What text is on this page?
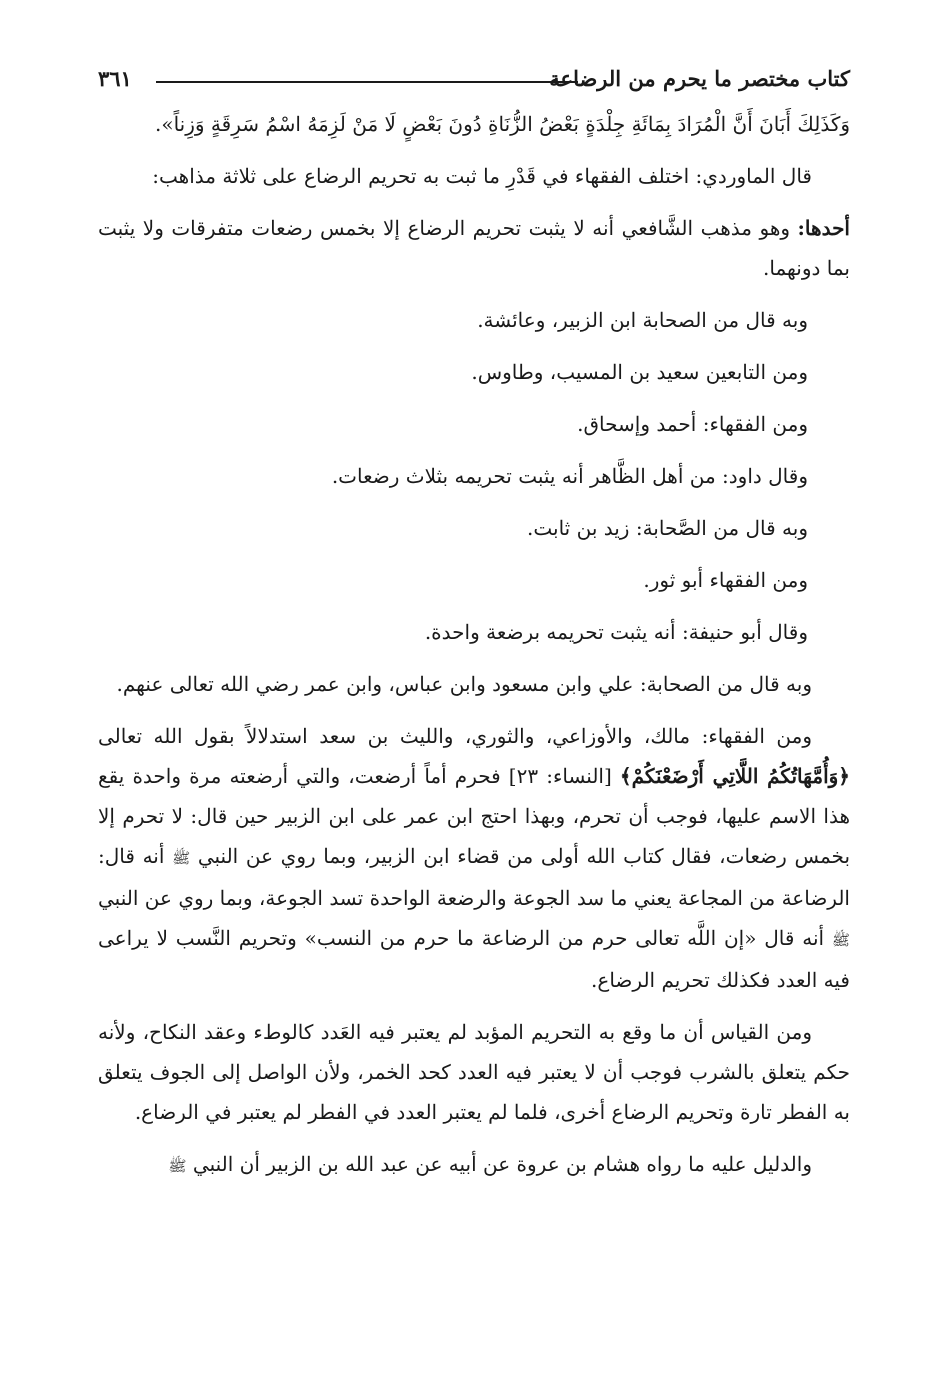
كتاب مختصر ما يحرم من الرضاعة
٣٦١

وَكَذَلِكَ أَبَانَ أَنَّ الْمُرَادَ بِمَائَةِ جِلْدَةٍ بَعْضُ الزُّنَاةِ دُونَ بَعْضٍ لَا مَنْ لَزِمَهُ اسْمُ سَرِقَةٍ وَزِناً».

قال الماوردي: اختلف الفقهاء في قَدْرِ ما ثبت به تحريم الرضاع على ثلاثة مذاهب:

أحدها: وهو مذهب الشَّافعي أنه لا يثبت تحريم الرضاع إلا بخمس رضعات متفرقات ولا يثبت بما دونهما.

وبه قال من الصحابة ابن الزبير، وعائشة.

ومن التابعين سعيد بن المسيب، وطاوس.

ومن الفقهاء: أحمد وإسحاق.

وقال داود: من أهل الظَّاهر أنه يثبت تحريمه بثلاث رضعات.

وبه قال من الصَّحابة: زيد بن ثابت.

ومن الفقهاء أبو ثور.

وقال أبو حنيفة: أنه يثبت تحريمه برضعة واحدة.

وبه قال من الصحابة: علي وابن مسعود وابن عباس، وابن عمر رضي الله تعالى عنهم.

ومن الفقهاء: مالك، والأوزاعي، والثوري، والليث بن سعد استدلالاً بقول الله تعالى ﴿وَأُمَّهَاتُكُمُ اللَّاتِي أَرْضَعْنَكُمْ﴾ [النساء: ٢٣] فحرم أماً أرضعت، والتي أرضعته مرة واحدة يقع هذا الاسم عليها، فوجب أن تحرم، وبهذا احتج ابن عمر على ابن الزبير حين قال: لا تحرم إلا بخمس رضعات، فقال كتاب الله أولى من قضاء ابن الزبير، وبما روي عن النبي ﷺ أنه قال: الرضاعة من المجاعة يعني ما سد الجوعة والرضعة الواحدة تسد الجوعة، وبما روي عن النبي ﷺ أنه قال «إن اللَّه تعالى حرم من الرضاعة ما حرم من النسب» وتحريم النَّسب لا يراعى فيه العدد فكذلك تحريم الرضاع.

ومن القياس أن ما وقع به التحريم المؤبد لم يعتبر فيه العَدد كالوطء وعقد النكاح، ولأنه حكم يتعلق بالشرب فوجب أن لا يعتبر فيه العدد كحد الخمر، ولأن الواصل إلى الجوف يتعلق به الفطر تارة وتحريم الرضاع أخرى، فلما لم يعتبر العدد في الفطر لم يعتبر في الرضاع.

والدليل عليه ما رواه هشام بن عروة عن أبيه عن عبد الله بن الزبير أن النبي ﷺ
